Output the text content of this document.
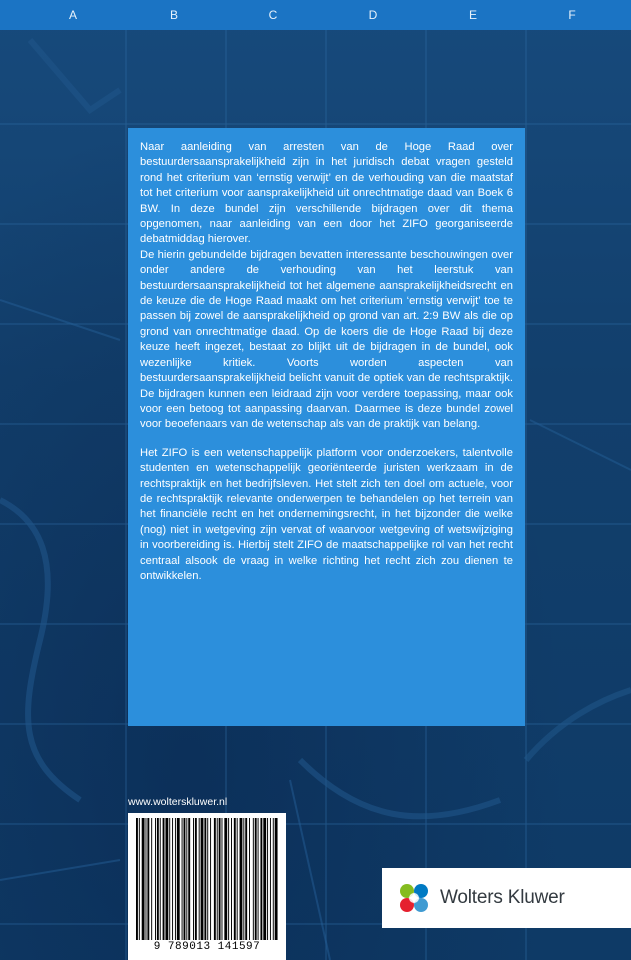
A	B	C	D	E	F

Naar aanleiding van arresten van de Hoge Raad over bestuurdersaansprakelijkheid zijn in het juridisch debat vragen gesteld rond het criterium van ‘ernstig verwijt’ en de verhouding van die maatstaf tot het criterium voor aansprakelijkheid uit onrechtmatige daad van Boek 6 BW. In deze bundel zijn verschillende bijdragen over dit thema opgenomen, naar aanleiding van een door het ZIFO georganiseerde debatmiddag hierover.

De hierin gebundelde bijdragen bevatten interessante beschouwingen over onder andere de verhouding van het leerstuk van bestuurdersaansprakelijkheid tot het algemene aansprakelijkheidsrecht en de keuze die de Hoge Raad maakt om het criterium ‘ernstig verwijt’ toe te passen bij zowel de aansprakelijkheid op grond van art. 2:9 BW als die op grond van onrechtmatige daad. Op de koers die de Hoge Raad bij deze keuze heeft ingezet, bestaat zo blijkt uit de bijdragen in de bundel, ook wezenlijke kritiek. Voorts worden aspecten van bestuurdersaansprakelijkheid belicht vanuit de optiek van de rechtspraktijk. De bijdragen kunnen een leidraad zijn voor verdere toepassing, maar ook voor een betoog tot aanpassing daarvan. Daarmee is deze bundel zowel voor beoefenaars van de wetenschap als van de praktijk van belang.

Het ZIFO is een wetenschappelijk platform voor onderzoekers, talentvolle studenten en wetenschappelijk georiënteerde juristen werkzaam in de rechtspraktijk en het bedrijfsleven. Het stelt zich ten doel om actuele, voor de rechtspraktijk relevante onderwerpen te behandelen op het terrein van het financiële recht en het ondernemingsrecht, in het bijzonder die welke (nog) niet in wetgeving zijn vervat of waarvoor wetgeving of wetswijziging in voorbereiding is. Hierbij stelt ZIFO de maatschappelijke rol van het recht centraal alsook de vraag in welke richting het recht zich zou dienen te ontwikkelen.

www.wolterskluwer.nl
9 789013 141597
Wolters Kluwer
